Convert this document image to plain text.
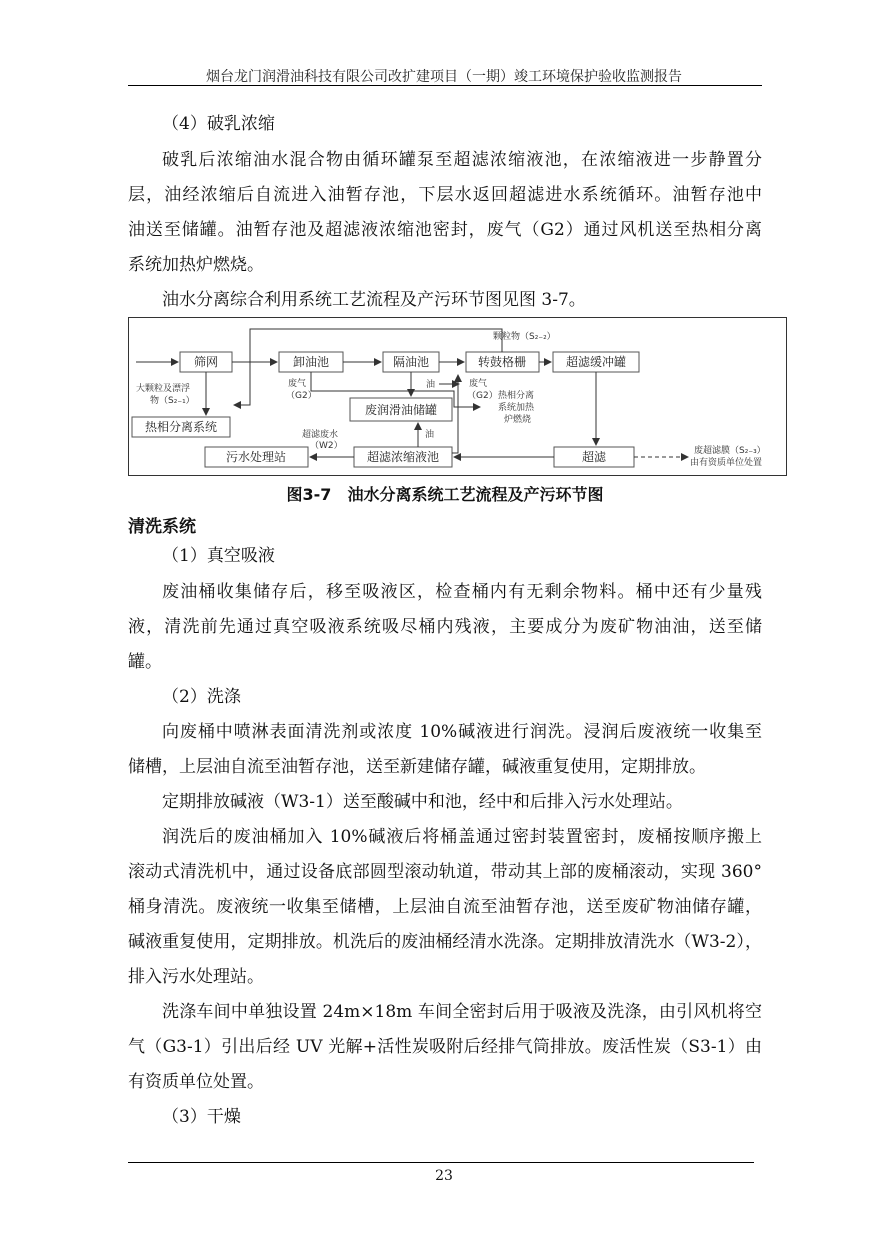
烟台龙门润滑油科技有限公司改扩建项目（一期）竣工环境保护验收监测报告
（4）破乳浓缩
破乳后浓缩油水混合物由循环罐泵至超滤浓缩液池，在浓缩液进一步静置分
层，油经浓缩后自流进入油暂存池，下层水返回超滤进水系统循环。油暂存池中
油送至储罐。油暂存池及超滤液浓缩池密封，废气（G2）通过风机送至热相分离
系统加热炉燃烧。
油水分离综合利用系统工艺流程及产污环节图见图 3-7。
筛网	卸油池	隔油池	转鼓格栅	超滤缓冲罐
热相分离系统
废润滑油储罐
污水处理站	超滤浓缩液池	超滤
颗粒物（S₂₋₂）
大颗粒及漂浮
物（S₂₋₁）
废气
（G2）
油	废气
（G2） 热相分离
系统加热
炉燃烧
超滤废水
（W2）
油
废超滤膜（S₂₋₃）
由有资质单位处置
图3-7　油水分离系统工艺流程及产污环节图
清洗系统
（1）真空吸液
废油桶收集储存后，移至吸液区，检查桶内有无剩余物料。桶中还有少量残
液，清洗前先通过真空吸液系统吸尽桶内残液，主要成分为废矿物油油，送至储
罐。
（2）洗涤
向废桶中喷淋表面清洗剂或浓度 10%碱液进行润洗。浸润后废液统一收集至
储槽，上层油自流至油暂存池，送至新建储存罐，碱液重复使用，定期排放。
定期排放碱液（W3-1）送至酸碱中和池，经中和后排入污水处理站。
润洗后的废油桶加入 10%碱液后将桶盖通过密封装置密封，废桶按顺序搬上
滚动式清洗机中，通过设备底部圆型滚动轨道，带动其上部的废桶滚动，实现 360°
桶身清洗。废液统一收集至储槽，上层油自流至油暂存池，送至废矿物油储存罐，
碱液重复使用，定期排放。机洗后的废油桶经清水洗涤。定期排放清洗水（W3-2），
排入污水处理站。
洗涤车间中单独设置 24m×18m 车间全密封后用于吸液及洗涤，由引风机将空
气（G3-1）引出后经 UV 光解+活性炭吸附后经排气筒排放。废活性炭（S3-1）由
有资质单位处置。
（3）干燥
23
